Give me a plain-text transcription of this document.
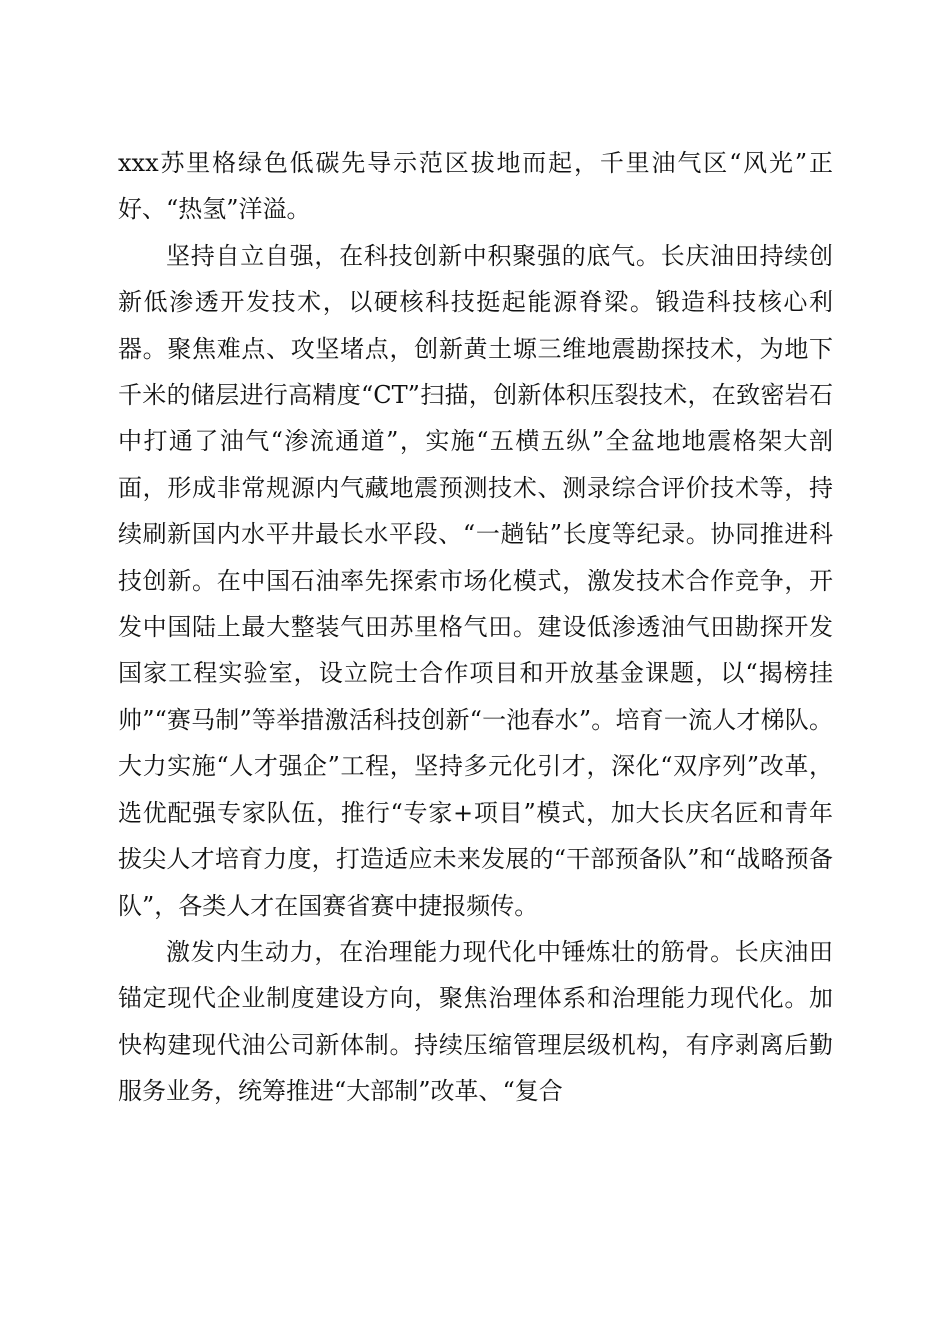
xxx苏里格绿色低碳先导示范区拔地而起，千里油气区“风光”正好、“热氢”洋溢。

坚持自立自强，在科技创新中积聚强的底气。长庆油田持续创新低渗透开发技术，以硬核科技挺起能源脊梁。锻造科技核心利器。聚焦难点、攻坚堵点，创新黄土塬三维地震勘探技术，为地下千米的储层进行高精度“CT”扫描，创新体积压裂技术，在致密岩石中打通了油气“渗流通道”，实施“五横五纵”全盆地地震格架大剖面，形成非常规源内气藏地震预测技术、测录综合评价技术等，持续刷新国内水平井最长水平段、“一趟钻”长度等纪录。协同推进科技创新。在中国石油率先探索市场化模式，激发技术合作竞争，开发中国陆上最大整装气田苏里格气田。建设低渗透油气田勘探开发国家工程实验室，设立院士合作项目和开放基金课题，以“揭榜挂帅”“赛马制”等举措激活科技创新“一池春水”。培育一流人才梯队。大力实施“人才强企”工程，坚持多元化引才，深化“双序列”改革，选优配强专家队伍，推行“专家+项目”模式，加大长庆名匠和青年拔尖人才培育力度，打造适应未来发展的“干部预备队”和“战略预备队”，各类人才在国赛省赛中捷报频传。

激发内生动力，在治理能力现代化中锤炼壮的筋骨。长庆油田锚定现代企业制度建设方向，聚焦治理体系和治理能力现代化。加快构建现代油公司新体制。持续压缩管理层级机构，有序剥离后勤服务业务，统筹推进“大部制”改革、“复合
